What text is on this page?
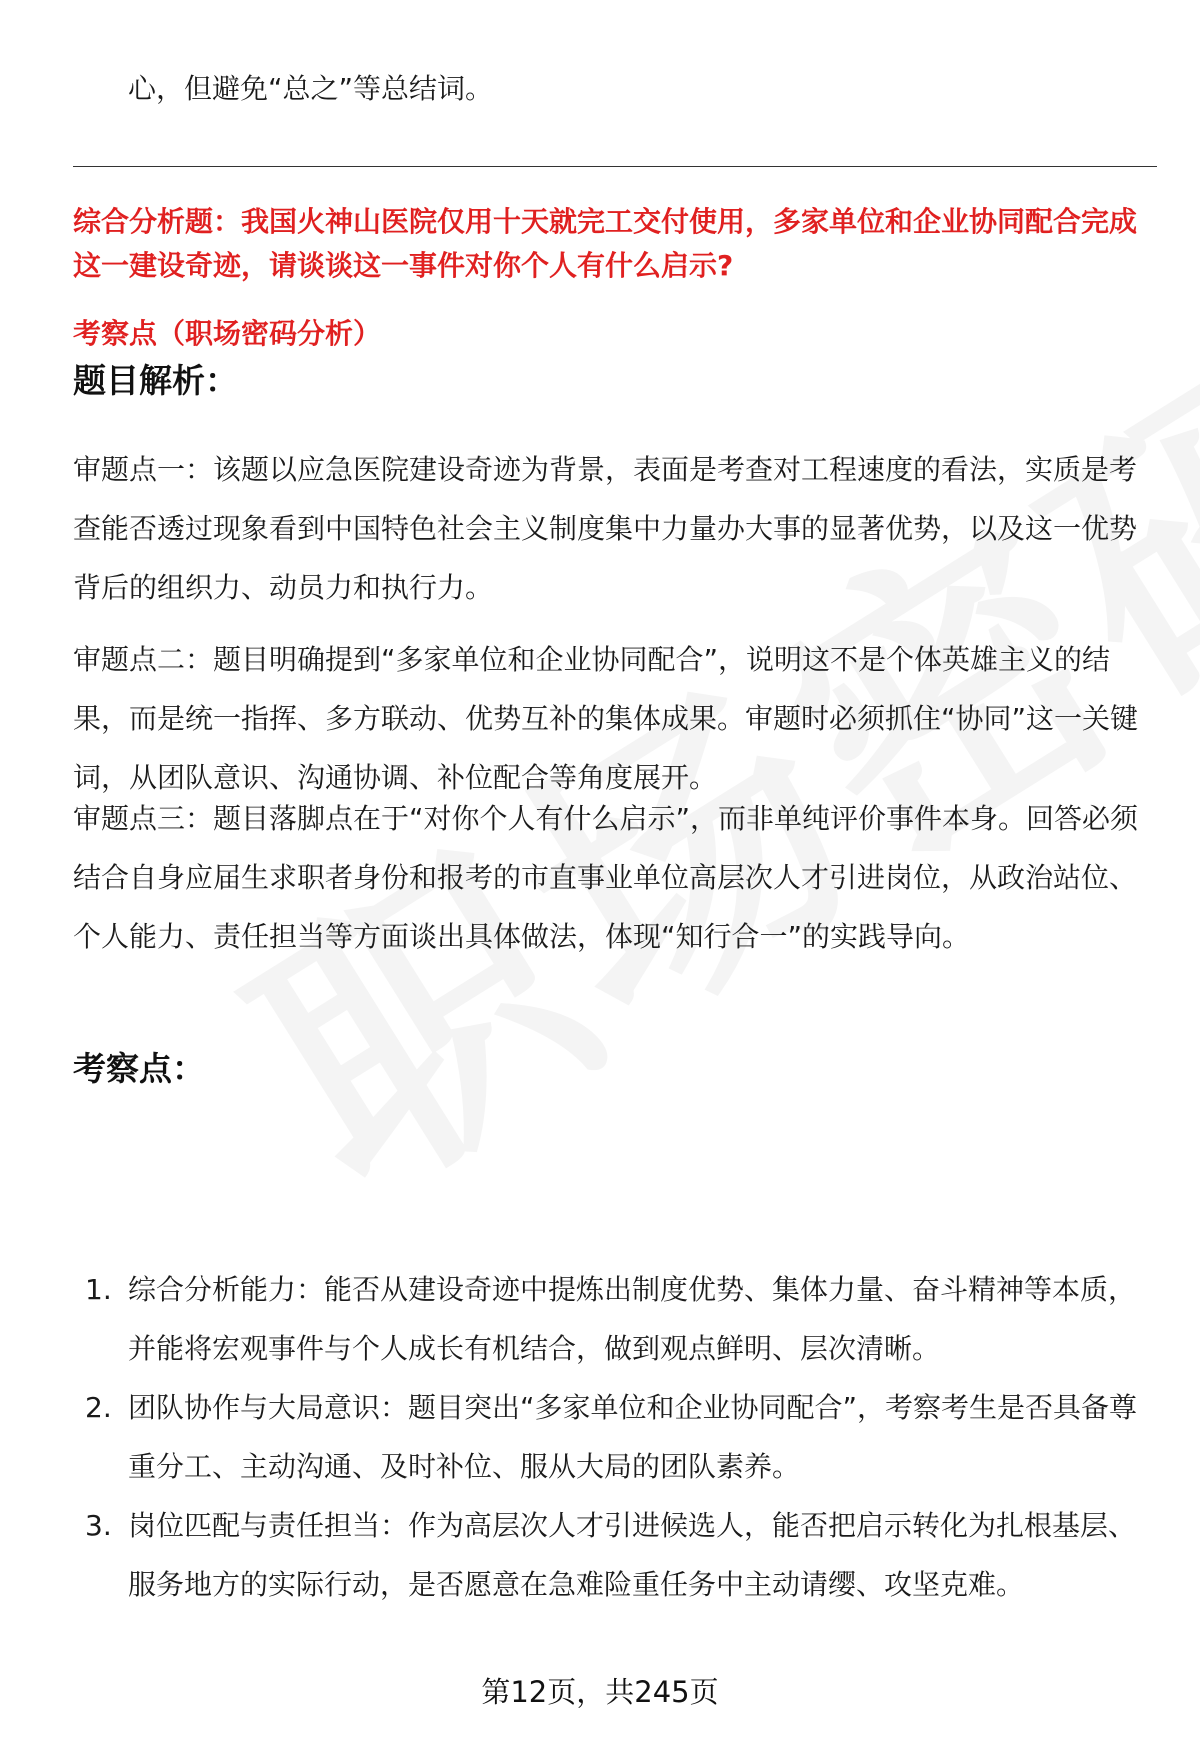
心，但避免“总之”等总结词。
综合分析题：我国火神山医院仅用十天就完工交付使用，多家单位和企业协同配合完成这一建设奇迹，请谈谈这一事件对你个人有什么启示?
考察点（职场密码分析）
题目解析：
审题点一：该题以应急医院建设奇迹为背景，表面是考查对工程速度的看法，实质是考查能否透过现象看到中国特色社会主义制度集中力量办大事的显著优势，以及这一优势背后的组织力、动员力和执行力。
审题点二：题目明确提到“多家单位和企业协同配合”，说明这不是个体英雄主义的结果，而是统一指挥、多方联动、优势互补的集体成果。审题时必须抓住“协同”这一关键词，从团队意识、沟通协调、补位配合等角度展开。
审题点三：题目落脚点在于“对你个人有什么启示”，而非单纯评价事件本身。回答必须结合自身应届生求职者身份和报考的市直事业单位高层次人才引进岗位，从政治站位、个人能力、责任担当等方面谈出具体做法，体现“知行合一”的实践导向。
考察点：
1. 综合分析能力：能否从建设奇迹中提炼出制度优势、集体力量、奋斗精神等本质，并能将宏观事件与个人成长有机结合，做到观点鲜明、层次清晰。
2. 团队协作与大局意识：题目突出“多家单位和企业协同配合”，考察考生是否具备尊重分工、主动沟通、及时补位、服从大局的团队素养。
3. 岗位匹配与责任担当：作为高层次人才引进候选人，能否把启示转化为扎根基层、服务地方的实际行动，是否愿意在急难险重任务中主动请缨、攻坚克难。
第12页，共245页
